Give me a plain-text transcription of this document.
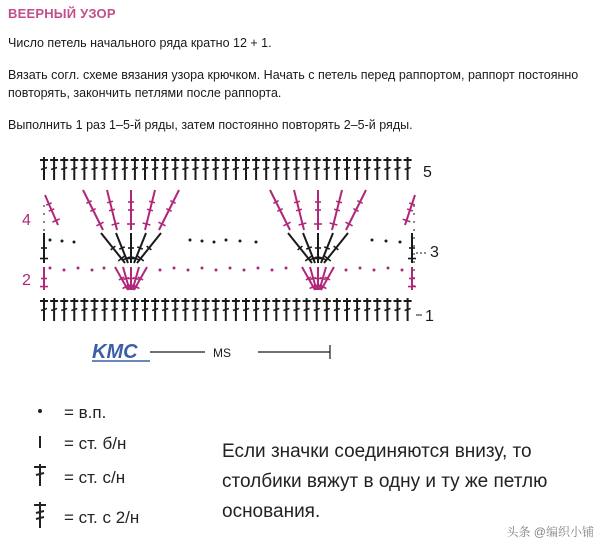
ВЕЕРНЫЙ УЗОР
Число петель начального ряда кратно 12 + 1.
Вязать согл. схеме вязания узора крючком. Начать с петель перед раппортом, раппорт постоянно повторять, закончить петлями после раппорта.
Выполнить 1 раз 1–5-й ряды, затем постоянно повторять 2–5-й ряды.
5
3
1
4
2
MS
KMC
= в.п.
= ст. б/н
= ст. с/н
= ст. с 2/н
Если значки соединяются внизу, то столбики вяжут в одну и ту же петлю основания.
头条 @编织小铺
